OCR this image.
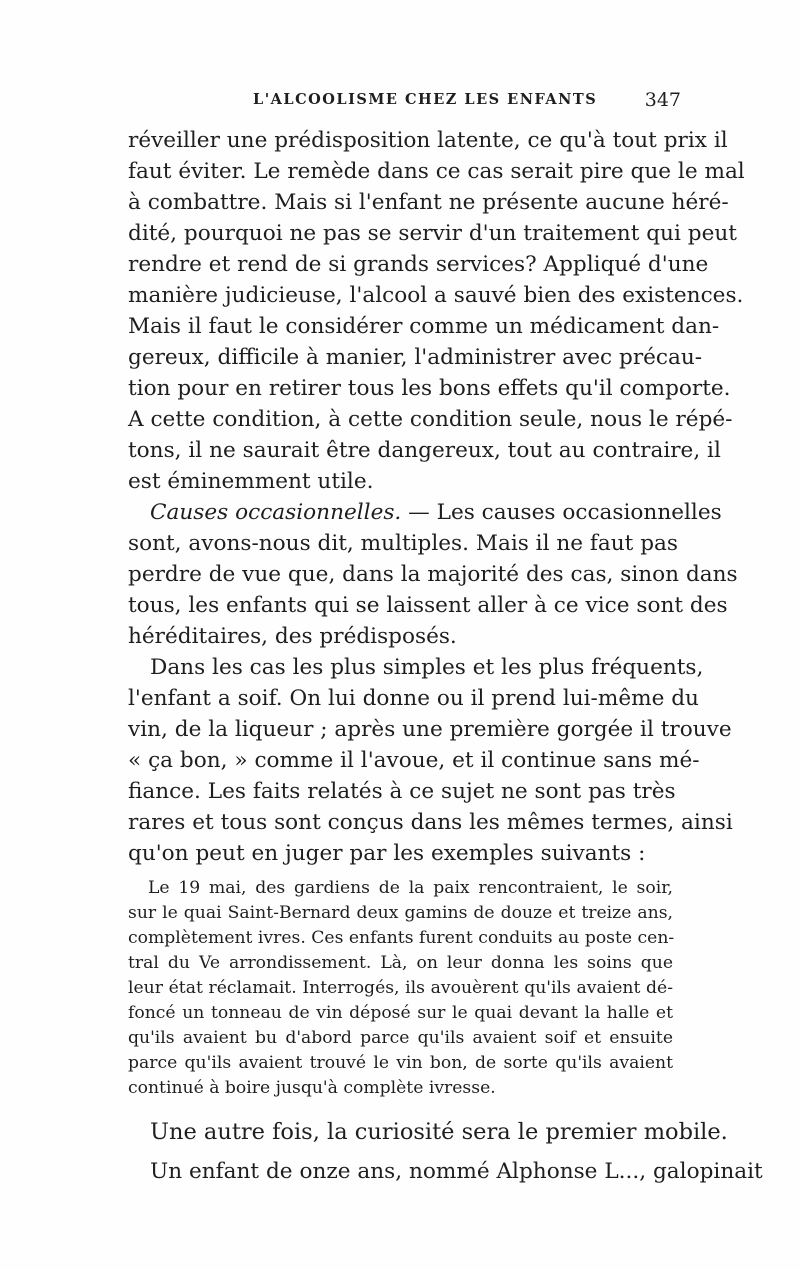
L'ALCOOLISME CHEZ LES ENFANTS	347
réveiller une prédisposition latente, ce qu'à tout prix il
faut éviter. Le remède dans ce cas serait pire que le mal
à combattre. Mais si l'enfant ne présente aucune héré-
dité, pourquoi ne pas se servir d'un traitement qui peut
rendre et rend de si grands services? Appliqué d'une
manière judicieuse, l'alcool a sauvé bien des existences.
Mais il faut le considérer comme un médicament dan-
gereux, difficile à manier, l'administrer avec précau-
tion pour en retirer tous les bons effets qu'il comporte.
A cette condition, à cette condition seule, nous le répé-
tons, il ne saurait être dangereux, tout au contraire, il
est éminemment utile.
Causes occasionnelles. — Les causes occasionnelles
sont, avons-nous dit, multiples. Mais il ne faut pas
perdre de vue que, dans la majorité des cas, sinon dans
tous, les enfants qui se laissent aller à ce vice sont des
héréditaires, des prédisposés.
Dans les cas les plus simples et les plus fréquents,
l'enfant a soif. On lui donne ou il prend lui-même du
vin, de la liqueur ; après une première gorgée il trouve
« ça bon, » comme il l'avoue, et il continue sans mé-
fiance. Les faits relatés à ce sujet ne sont pas très
rares et tous sont conçus dans les mêmes termes, ainsi
qu'on peut en juger par les exemples suivants :
Le 19 mai, des gardiens de la paix rencontraient, le soir,
sur le quai Saint-Bernard deux gamins de douze et treize ans,
complètement ivres. Ces enfants furent conduits au poste cen-
tral du Ve arrondissement. Là, on leur donna les soins que
leur état réclamait. Interrogés, ils avouèrent qu'ils avaient dé-
foncé un tonneau de vin déposé sur le quai devant la halle et
qu'ils avaient bu d'abord parce qu'ils avaient soif et ensuite
parce qu'ils avaient trouvé le vin bon, de sorte qu'ils avaient
continué à boire jusqu'à complète ivresse.
Une autre fois, la curiosité sera le premier mobile.
Un enfant de onze ans, nommé Alphonse L..., galopinait
